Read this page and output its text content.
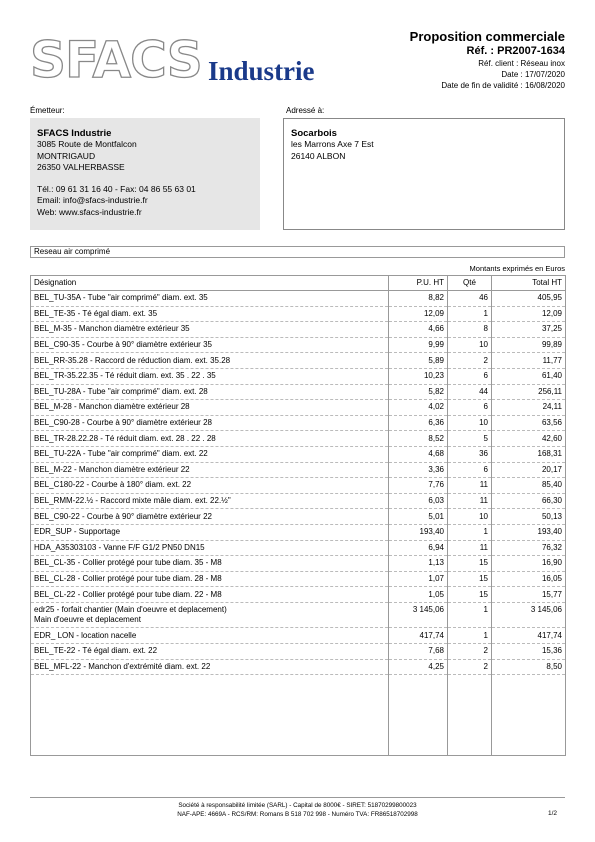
SFACS Industrie
Proposition commerciale
Réf. : PR2007-1634
Réf. client : Réseau inox
Date : 17/07/2020
Date de fin de validité : 16/08/2020
Émetteur:	Adressé à:
SFACS Industrie
3085 Route de Montfalcon
MONTRIGAUD
26350 VALHERBASSE
Tél.: 09 61 31 16 40 - Fax: 04 86 55 63 01
Email: info@sfacs-industrie.fr
Web: www.sfacs-industrie.fr
Socarbois
les Marrons Axe 7 Est
26140 ALBON
Reseau air comprimé
Montants exprimés en Euros
Désignation	P.U. HT	Qté	Total HT

BEL_TU-35A - Tube "air comprimé" diam. ext. 35	8,82	46	405,95

BEL_TE-35 - Té égal diam. ext. 35	12,09	1	12,09

BEL_M-35 - Manchon diamètre extérieur 35	4,66	8	37,25

BEL_C90-35 - Courbe à 90° diamètre extérieur 35	9,99	10	99,89

BEL_RR-35.28 - Raccord de réduction diam. ext. 35.28	5,89	2	11,77

BEL_TR-35.22.35 - Té réduit diam. ext. 35 . 22 . 35	10,23	6	61,40

BEL_TU-28A - Tube "air comprimé" diam. ext. 28	5,82	44	256,11

BEL_M-28 - Manchon diamètre extérieur 28	4,02	6	24,11

BEL_C90-28 - Courbe à 90° diamètre extérieur 28	6,36	10	63,56

BEL_TR-28.22.28 - Té réduit diam. ext. 28 . 22 . 28	8,52	5	42,60

BEL_TU-22A - Tube "air comprimé" diam. ext. 22	4,68	36	168,31

BEL_M-22 - Manchon diamètre extérieur 22	3,36	6	20,17

BEL_C180-22 - Courbe à 180° diam. ext. 22	7,76	11	85,40

BEL_RMM-22.½ - Raccord mixte mâle diam. ext. 22.½"	6,03	11	66,30

BEL_C90-22 - Courbe à 90° diamètre extérieur 22	5,01	10	50,13

EDR_SUP - Supportage	193,40	1	193,40

HDA_A35303103 - Vanne F/F G1/2 PN50 DN15	6,94	11	76,32

BEL_CL-35 - Collier protégé pour tube diam. 35 - M8	1,13	15	16,90

BEL_CL-28 - Collier protégé pour tube diam. 28 - M8	1,07	15	16,05

BEL_CL-22 - Collier protégé pour tube diam. 22 - M8	1,05	15	15,77

edr25 - forfait chantier (Main d'oeuvre et deplacement)
Main d'oeuvre et deplacement	3 145,06	1	3 145,06

EDR_ LON - location nacelle	417,74	1	417,74

BEL_TE-22 - Té égal diam. ext. 22	7,68	2	15,36

BEL_MFL-22 - Manchon d'extrémité diam. ext. 22	4,25	2	8,50

Société à responsabilité limitée (SARL) - Capital de 8000€ - SIRET: 51870299800023
NAF-APE: 4669A - RCS/RM: Romans B 518 702 998 - Numéro TVA: FR86518702998	1/2
